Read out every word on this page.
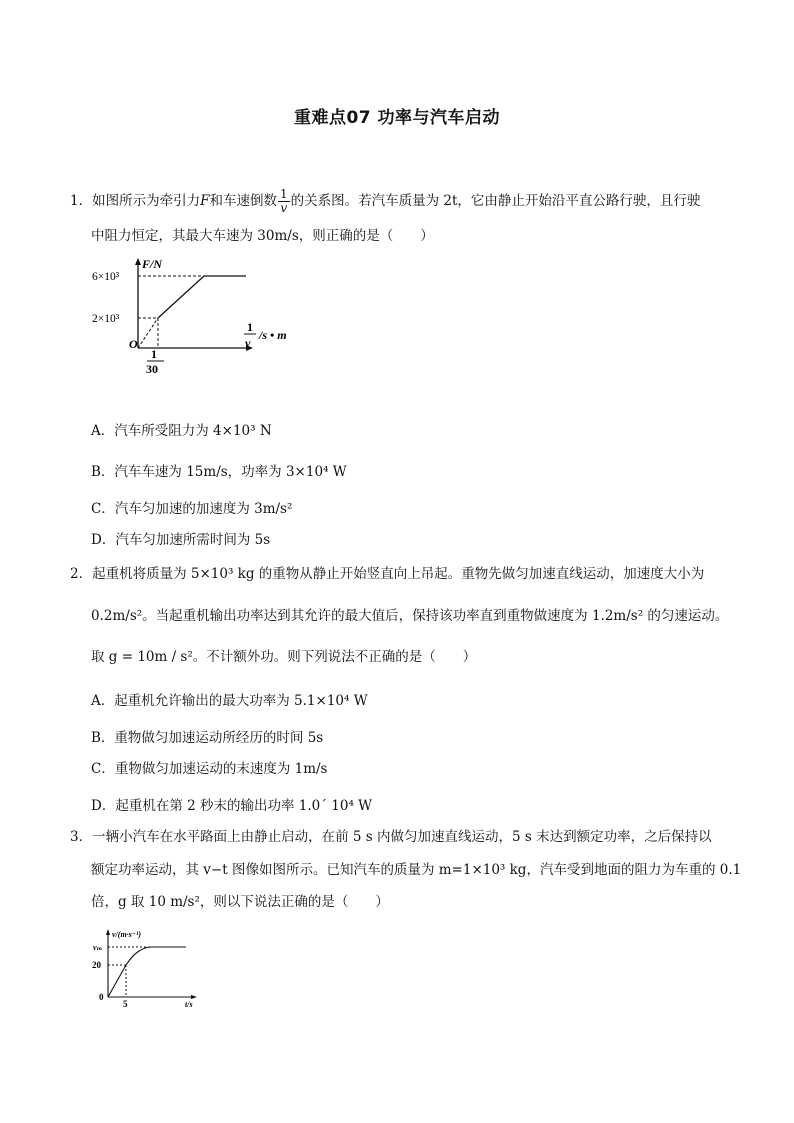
重难点07 功率与汽车启动
1．如图所示为牵引力F和车速倒数 $\frac{1}{v}$ 的关系图。若汽车质量为 2t，它由静止开始沿平直公路行驶，且行驶
中阻力恒定，其最大车速为 30m/s，则正确的是（　　）
F/N
6×10³
2×10³
O
1
30
1
v
/s • m
A．汽车所受阻力为 4×10³ N
B．汽车车速为 15m/s，功率为 3×10⁴ W
C．汽车匀加速的加速度为 3m/s²
D．汽车匀加速所需时间为 5s
2．起重机将质量为 5×10³ kg 的重物从静止开始竖直向上吊起。重物先做匀加速直线运动，加速度大小为
0.2m/s²。当起重机输出功率达到其允许的最大值后，保持该功率直到重物做速度为 1.2m/s² 的匀速运动。
取 g = 10m / s²。不计额外功。则下列说法不正确的是（　　）
A．起重机允许输出的最大功率为 5.1×10⁴ W
B．重物做匀加速运动所经历的时间 5s
C．重物做匀加速运动的末速度为 1m/s
D．起重机在第 2 秒末的输出功率 1.0´ 10⁴ W
3．一辆小汽车在水平路面上由静止启动，在前 5 s 内做匀加速直线运动，5 s 末达到额定功率，之后保持以
额定功率运动，其 v−t 图像如图所示。已知汽车的质量为 m=1×10³ kg，汽车受到地面的阻力为车重的 0.1
倍，g 取 10 m/s²，则以下说法正确的是（　　）
v/(m·s⁻¹)
vₘ
20
0
5	t/s
